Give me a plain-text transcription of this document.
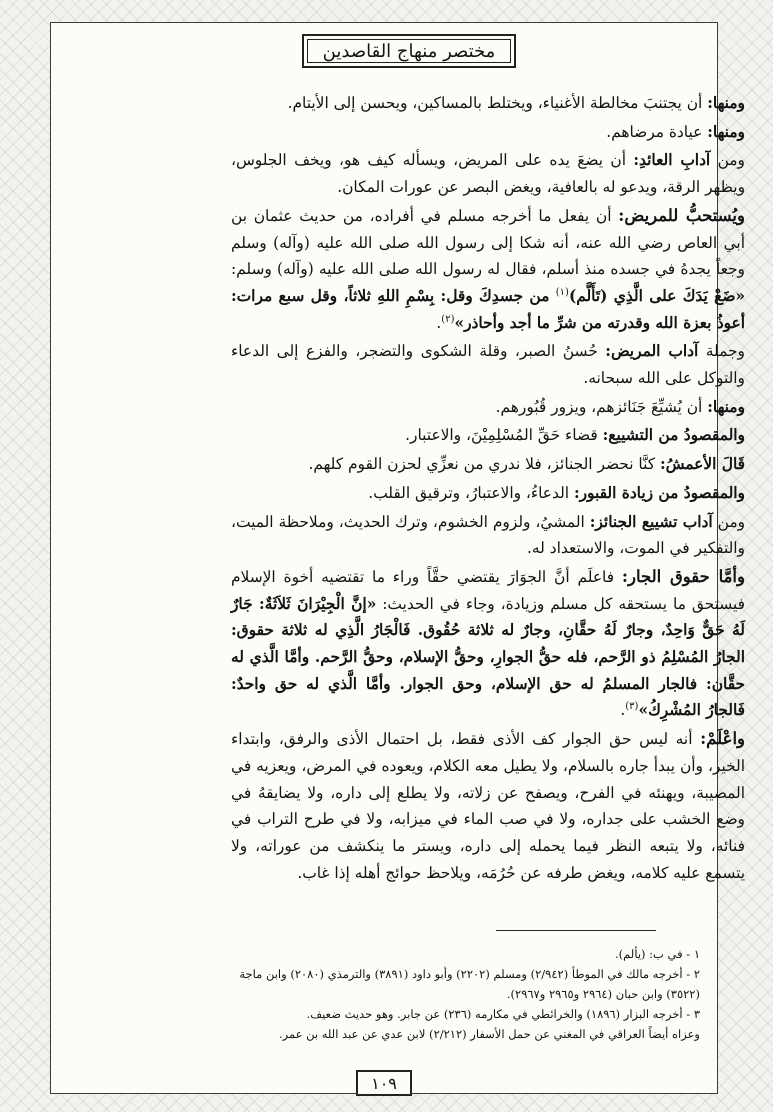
مختصر منهاج القاصدين

ومنها: أن يجتنبَ مخالطة الأغنياء، ويختلط بالمساكين، ويحسن إلى الأيتام.

ومنها: عيادة مرضاهم.

ومن آدابِ العائدِ: أن يضعَ يده على المريض، ويسأله كيف هو، ويخف الجلوس، ويظهر الرقة، ويدعو له بالعافية، ويغض البصر عن عورات المكان.

ويُستحبُّ للمريض: أن يفعل ما أخرجه مسلم في أفراده، من حديث عثمان بن أبي العاص رضي الله عنه، أنه شكا إلى رسول الله صلى الله عليه (وآله) وسلم وجعاً يجدهُ في جسده منذ أسلم، فقال له رسول الله صلى الله عليه (وآله) وسلم: «ضَعْ يَدَكَ على الَّذِي (تَأَلَّم)$^{(١)}$ من جسدِكَ وقل: بِسْمِ اللهِ ثلاثاً، وقل سبع مرات: أعوذُ بعزة الله وقدرته من شرِّ ما أجد وأحاذر»$^{(٢)}$.

وجملة آداب المريض: حُسنُ الصبر، وقلة الشكوى والتضجر، والفزع إلى الدعاء والتوكل على الله سبحانه.

ومنها: أن يُشيِّعَ جَنَائزهم، ويزور قُبُورهم.

والمقصودُ من التشييع: قضاء حَقِّ المُسْلِمِيْنَ، والاعتبار.

قَالَ الأعمشُ: كنَّا نحضر الجنائز، فلا ندري من نعزِّي لحزن القوم كلهم.

والمقصودُ من زيادة القبور: الدعاءُ، والاعتبارُ، وترقيق القلب.

ومن آداب تشييع الجنائز: المشيُ، ولزوم الخشوم، وترك الحديث، وملاحظة الميت، والتفكير في الموت، والاستعداد له.

وأمَّا حقوق الجار: فاعلَم أنَّ الجوَارَ يقتضي حقَّاً وراء ما تقتضيه أخوة الإسلام فيستحق ما يستحقه كل مسلم وزيادة، وجاء في الحديث: «إنَّ الْجِيْرَانَ ثَلاَثَةٌ: جَارٌ لَهُ حَقٌّ وَاحِدٌ، وجارٌ لَهُ حقَّانِ، وجارٌ له ثلاثة حُقُوق. فَالْجَارُ الَّذِي له ثلاثة حقوق: الجارُ المُسْلِمُ ذو الرَّحم، فله حقُّ الجوارِ، وحقُّ الإسلام، وحقُّ الرَّحم. وأمَّا الَّذي له حقَّان: فالجار المسلمُ له حق الإسلام، وحق الجوار. وأمَّا الَّذي له حق واحدٌ: فَالجارُ المُشْرِكُ»$^{(٣)}$.

واعْلَمْ: أنه ليس حق الجوار كف الأذى فقط، بل احتمال الأذى والرفق، وابتداء الخير، وأن يبدأ جاره بالسلام، ولا يطيل معه الكلام، ويعوده في المرض، ويعزيه في المصيبة، ويهنئه في الفرح، ويصفح عن زلاته، ولا يطلع إلى داره، ولا يضايقهُ في وضع الخشب على جداره، ولا في صب الماء في ميزابه، ولا في طرح التراب في فنائه، ولا يتبعه النظر فيما يحمله إلى داره، ويستر ما ينكشف من عوراته، ولا يتسمع عليه كلامه، ويغض طرفه عن حُرُمَه، ويلاحظ حوائج أهله إذا غاب.

١ - في ب: (يألم).

٢ - أخرجه مالك في الموطأ (٢/٩٤٢) ومسلم (٢٢٠٢) وأبو داود (٣٨٩١) والترمذي (٢٠٨٠) وابن ماجة (٣٥٢٢) وابن حبان (٢٩٦٤ و٢٩٦٥ و٢٩٦٧).

٣ - أخرجه البزار (١٨٩٦) والخرائطي في مكارمه (٢٣٦) عن جابر. وهو حديث ضعيف.

وعزاه أيضاً العراقي في المغني عن حمل الأسفار (٢/٢١٢) لابن عدي عن عبد الله بن عمر.

١٠٩
